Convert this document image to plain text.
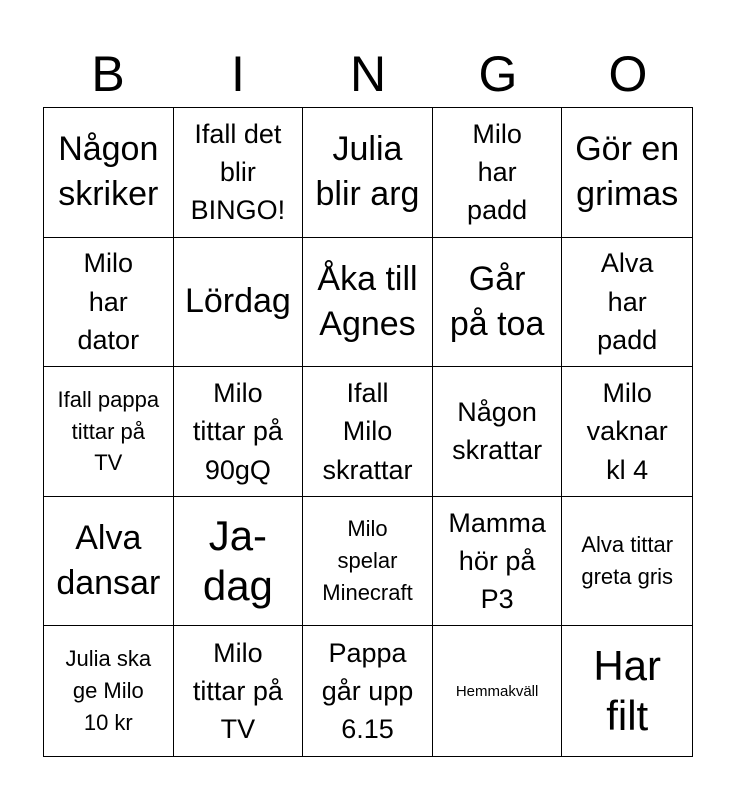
B	I	N	G	O
Någon
skriker
Ifall det
blir
BINGO!
Julia
blir arg
Milo
har
padd
Gör en
grimas
Milo
har
dator
Lördag
Åka till
Agnes
Går
på toa
Alva
har
padd
Ifall pappa
tittar på
TV
Milo
tittar på
90gQ
Ifall
Milo
skrattar
Någon
skrattar
Milo
vaknar
kl 4
Alva
dansar
Ja-
dag
Milo
spelar
Minecraft
Mamma
hör på
P3
Alva tittar
greta gris
Julia ska
ge Milo
10 kr
Milo
tittar på
TV
Pappa
går upp
6.15
Hemmakväll
Har
filt
